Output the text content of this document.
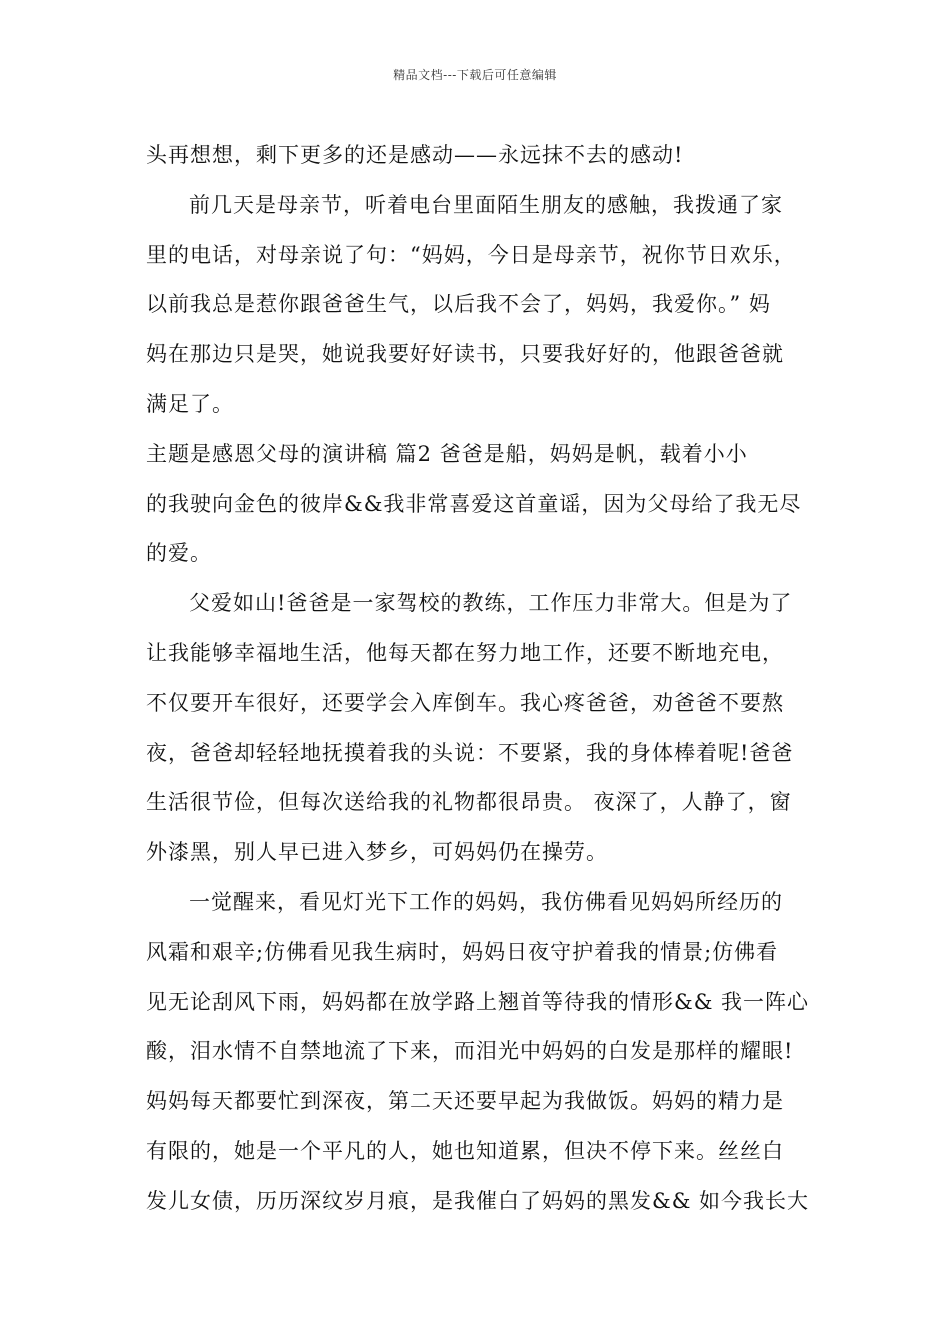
精品文档---下载后可任意编辑
头再想想，剩下更多的还是感动——永远抹不去的感动!
前几天是母亲节，听着电台里面陌生朋友的感触，我拨通了家
里的电话，对母亲说了句：“妈妈，今日是母亲节，祝你节日欢乐，
以前我总是惹你跟爸爸生气，以后我不会了，妈妈，我爱你。” 妈
妈在那边只是哭，她说我要好好读书，只要我好好的，他跟爸爸就
满足了。
主题是感恩父母的演讲稿 篇2 爸爸是船，妈妈是帆，载着小小
的我驶向金色的彼岸&&我非常喜爱这首童谣，因为父母给了我无尽
的爱。
父爱如山!爸爸是一家驾校的教练，工作压力非常大。但是为了
让我能够幸福地生活，他每天都在努力地工作，还要不断地充电，
不仅要开车很好，还要学会入库倒车。我心疼爸爸，劝爸爸不要熬
夜，爸爸却轻轻地抚摸着我的头说：不要紧，我的身体棒着呢!爸爸
生活很节俭，但每次送给我的礼物都很昂贵。 夜深了，人静了，窗
外漆黑，别人早已进入梦乡，可妈妈仍在操劳。
一觉醒来，看见灯光下工作的妈妈，我仿佛看见妈妈所经历的
风霜和艰辛;仿佛看见我生病时，妈妈日夜守护着我的情景;仿佛看
见无论刮风下雨，妈妈都在放学路上翘首等待我的情形&& 我一阵心
酸，泪水情不自禁地流了下来，而泪光中妈妈的白发是那样的耀眼!
妈妈每天都要忙到深夜，第二天还要早起为我做饭。妈妈的精力是
有限的，她是一个平凡的人，她也知道累，但决不停下来。丝丝白
发儿女债，历历深纹岁月痕，是我催白了妈妈的黑发&& 如今我长大
